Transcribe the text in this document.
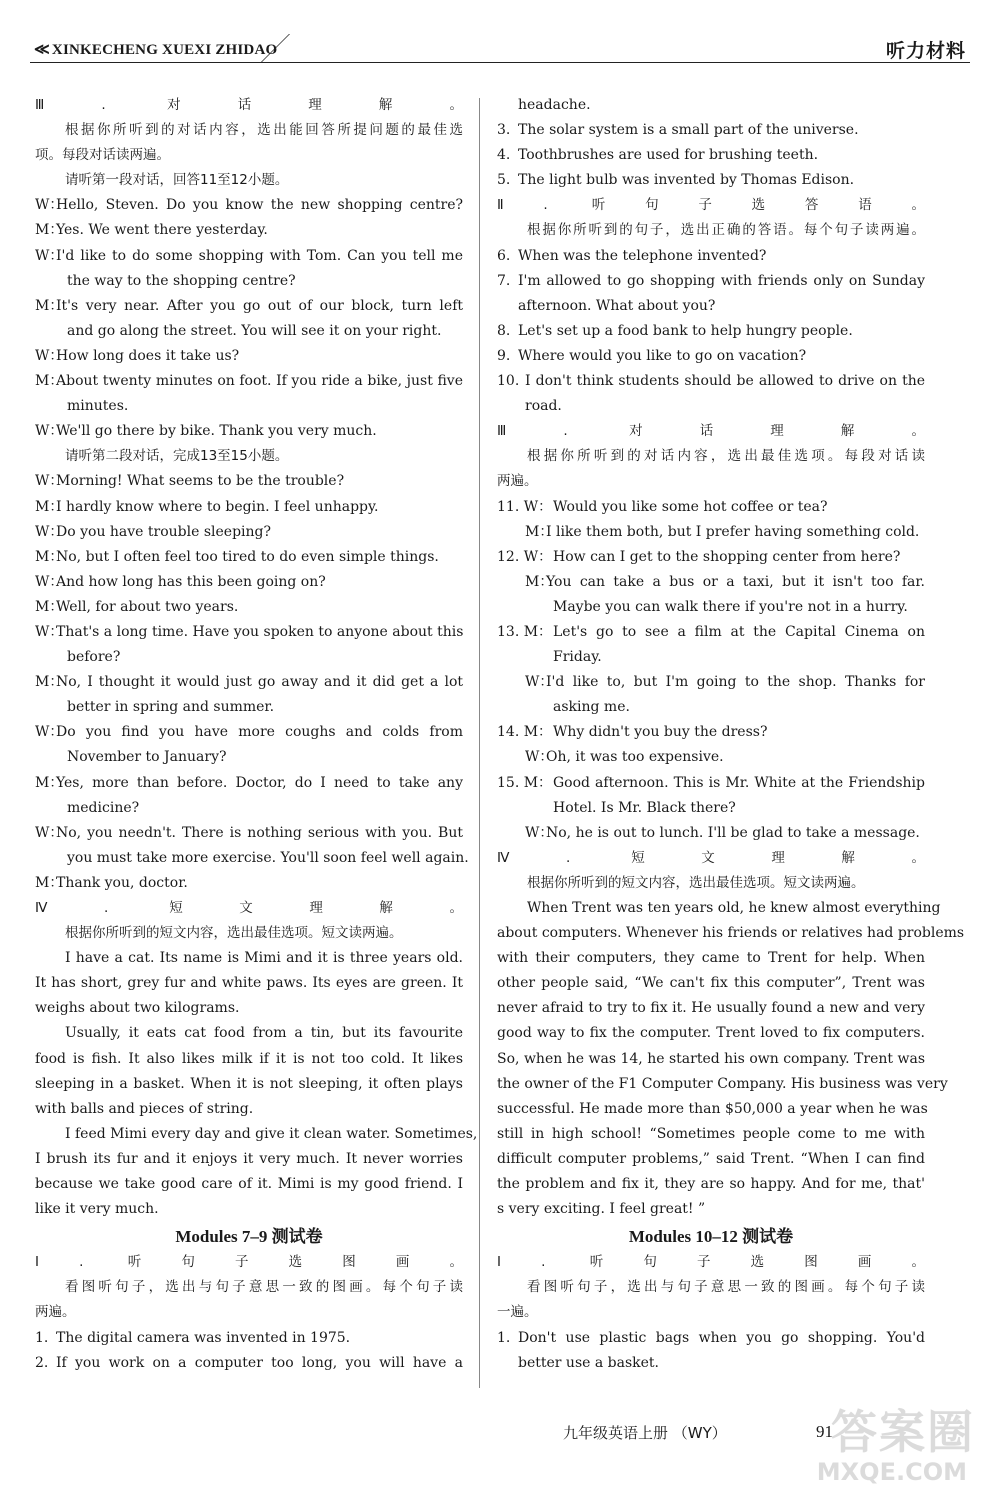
≪ XINKECHENG XUEXI ZHIDAO	听力材料
Ⅲ. 对话理解。
根据你所听到的对话内容，选出能回答所提问题的最佳选
项。每段对话读两遍。
请听第一段对话，回答11至12小题。
W：
Hello, Steven. Do you know the new shopping centre?
M：
Yes. We went there yesterday.
W：
I'd like to do some shopping with Tom. Can you tell me
the way to the shopping centre?
M：
It's very near. After you go out of our block, turn left
and go along the street. You will see it on your right.
W：
How long does it take us?
M：
About twenty minutes on foot. If you ride a bike, just five
minutes.
W：
We'll go there by bike. Thank you very much.
请听第二段对话，完成13至15小题。
W：
Morning! What seems to be the trouble?
M：
I hardly know where to begin. I feel unhappy.
W：
Do you have trouble sleeping?
M：
No, but I often feel too tired to do even simple things.
W：
And how long has this been going on?
M：
Well, for about two years.
W：
That's a long time. Have you spoken to anyone about this
before?
M：
No, I thought it would just go away and it did get a lot
better in spring and summer.
W：
Do you find you have more coughs and colds from
November to January?
M：
Yes, more than before. Doctor, do I need to take any
medicine?
W：
No, you needn't. There is nothing serious with you. But
you must take more exercise. You'll soon feel well again.
M：
Thank you, doctor.
Ⅳ. 短文理解。
根据你所听到的短文内容，选出最佳选项。短文读两遍。
I have a cat. Its name is Mimi and it is three years old.
It has short, grey fur and white paws. Its eyes are green. It
weighs about two kilograms.
Usually, it eats cat food from a tin, but its favourite
food is fish. It also likes milk if it is not too cold. It likes
sleeping in a basket. When it is not sleeping, it often plays
with balls and pieces of string.
I feed Mimi every day and give it clean water. Sometimes,
I brush its fur and it enjoys it very much. It never worries
because we take good care of it. Mimi is my good friend. I
like it very much.
Modules 7–9 测试卷
Ⅰ. 听句子选图画。
看图听句子，选出与句子意思一致的图画。每个句子读
两遍。
1. The digital camera was invented in 1975.
2. If you work on a computer too long, you will have a
headache.
3. The solar system is a small part of the universe.
4. Toothbrushes are used for brushing teeth.
5. The light bulb was invented by Thomas Edison.
Ⅱ. 听句子选答语。
根据你所听到的句子，选出正确的答语。每个句子读两遍。
6. When was the telephone invented?
7. I'm allowed to go shopping with friends only on Sunday
afternoon. What about you?
8. Let's set up a food bank to help hungry people.
9. Where would you like to go on vacation?
10. I don't think students should be allowed to drive on the
road.
Ⅲ. 对话理解。
根据你所听到的对话内容，选出最佳选项。每段对话读
两遍。
11. W： Would you like some hot coffee or tea?
M：
I like them both, but I prefer having something cold.
12. W： How can I get to the shopping center from here?
M：
You can take a bus or a taxi, but it isn't too far.
Maybe you can walk there if you're not in a hurry.
13. M： Let's go to see a film at the Capital Cinema on
Friday.
W：
I'd like to, but I'm going to the shop. Thanks for
asking me.
14. M： Why didn't you buy the dress?
W：
Oh, it was too expensive.
15. M： Good afternoon. This is Mr. White at the Friendship
Hotel. Is Mr. Black there?
W：
No, he is out to lunch. I'll be glad to take a message.
Ⅳ. 短文理解。
根据你所听到的短文内容，选出最佳选项。短文读两遍。
When Trent was ten years old, he knew almost everything
about computers. Whenever his friends or relatives had problems
with their computers, they came to Trent for help. When
other people said, “We can't fix this computer”, Trent was
never afraid to try to fix it. He usually found a new and very
good way to fix the computer. Trent loved to fix computers.
So, when he was 14, he started his own company. Trent was
the owner of the F1 Computer Company. His business was very
successful. He made more than $50,000 a year when he was
still in high school! “Sometimes people come to me with
difficult computer problems,” said Trent. “When I can find
the problem and fix it, they are so happy. And for me, that'
s very exciting. I feel great! ”
Modules 10–12 测试卷
Ⅰ. 听句子选图画。
看图听句子，选出与句子意思一致的图画。每个句子读
一遍。
1. Don't use plastic bags when you go shopping. You'd
better use a basket.
九年级英语上册 （WY）	91
答案圈
MXQE.COM
